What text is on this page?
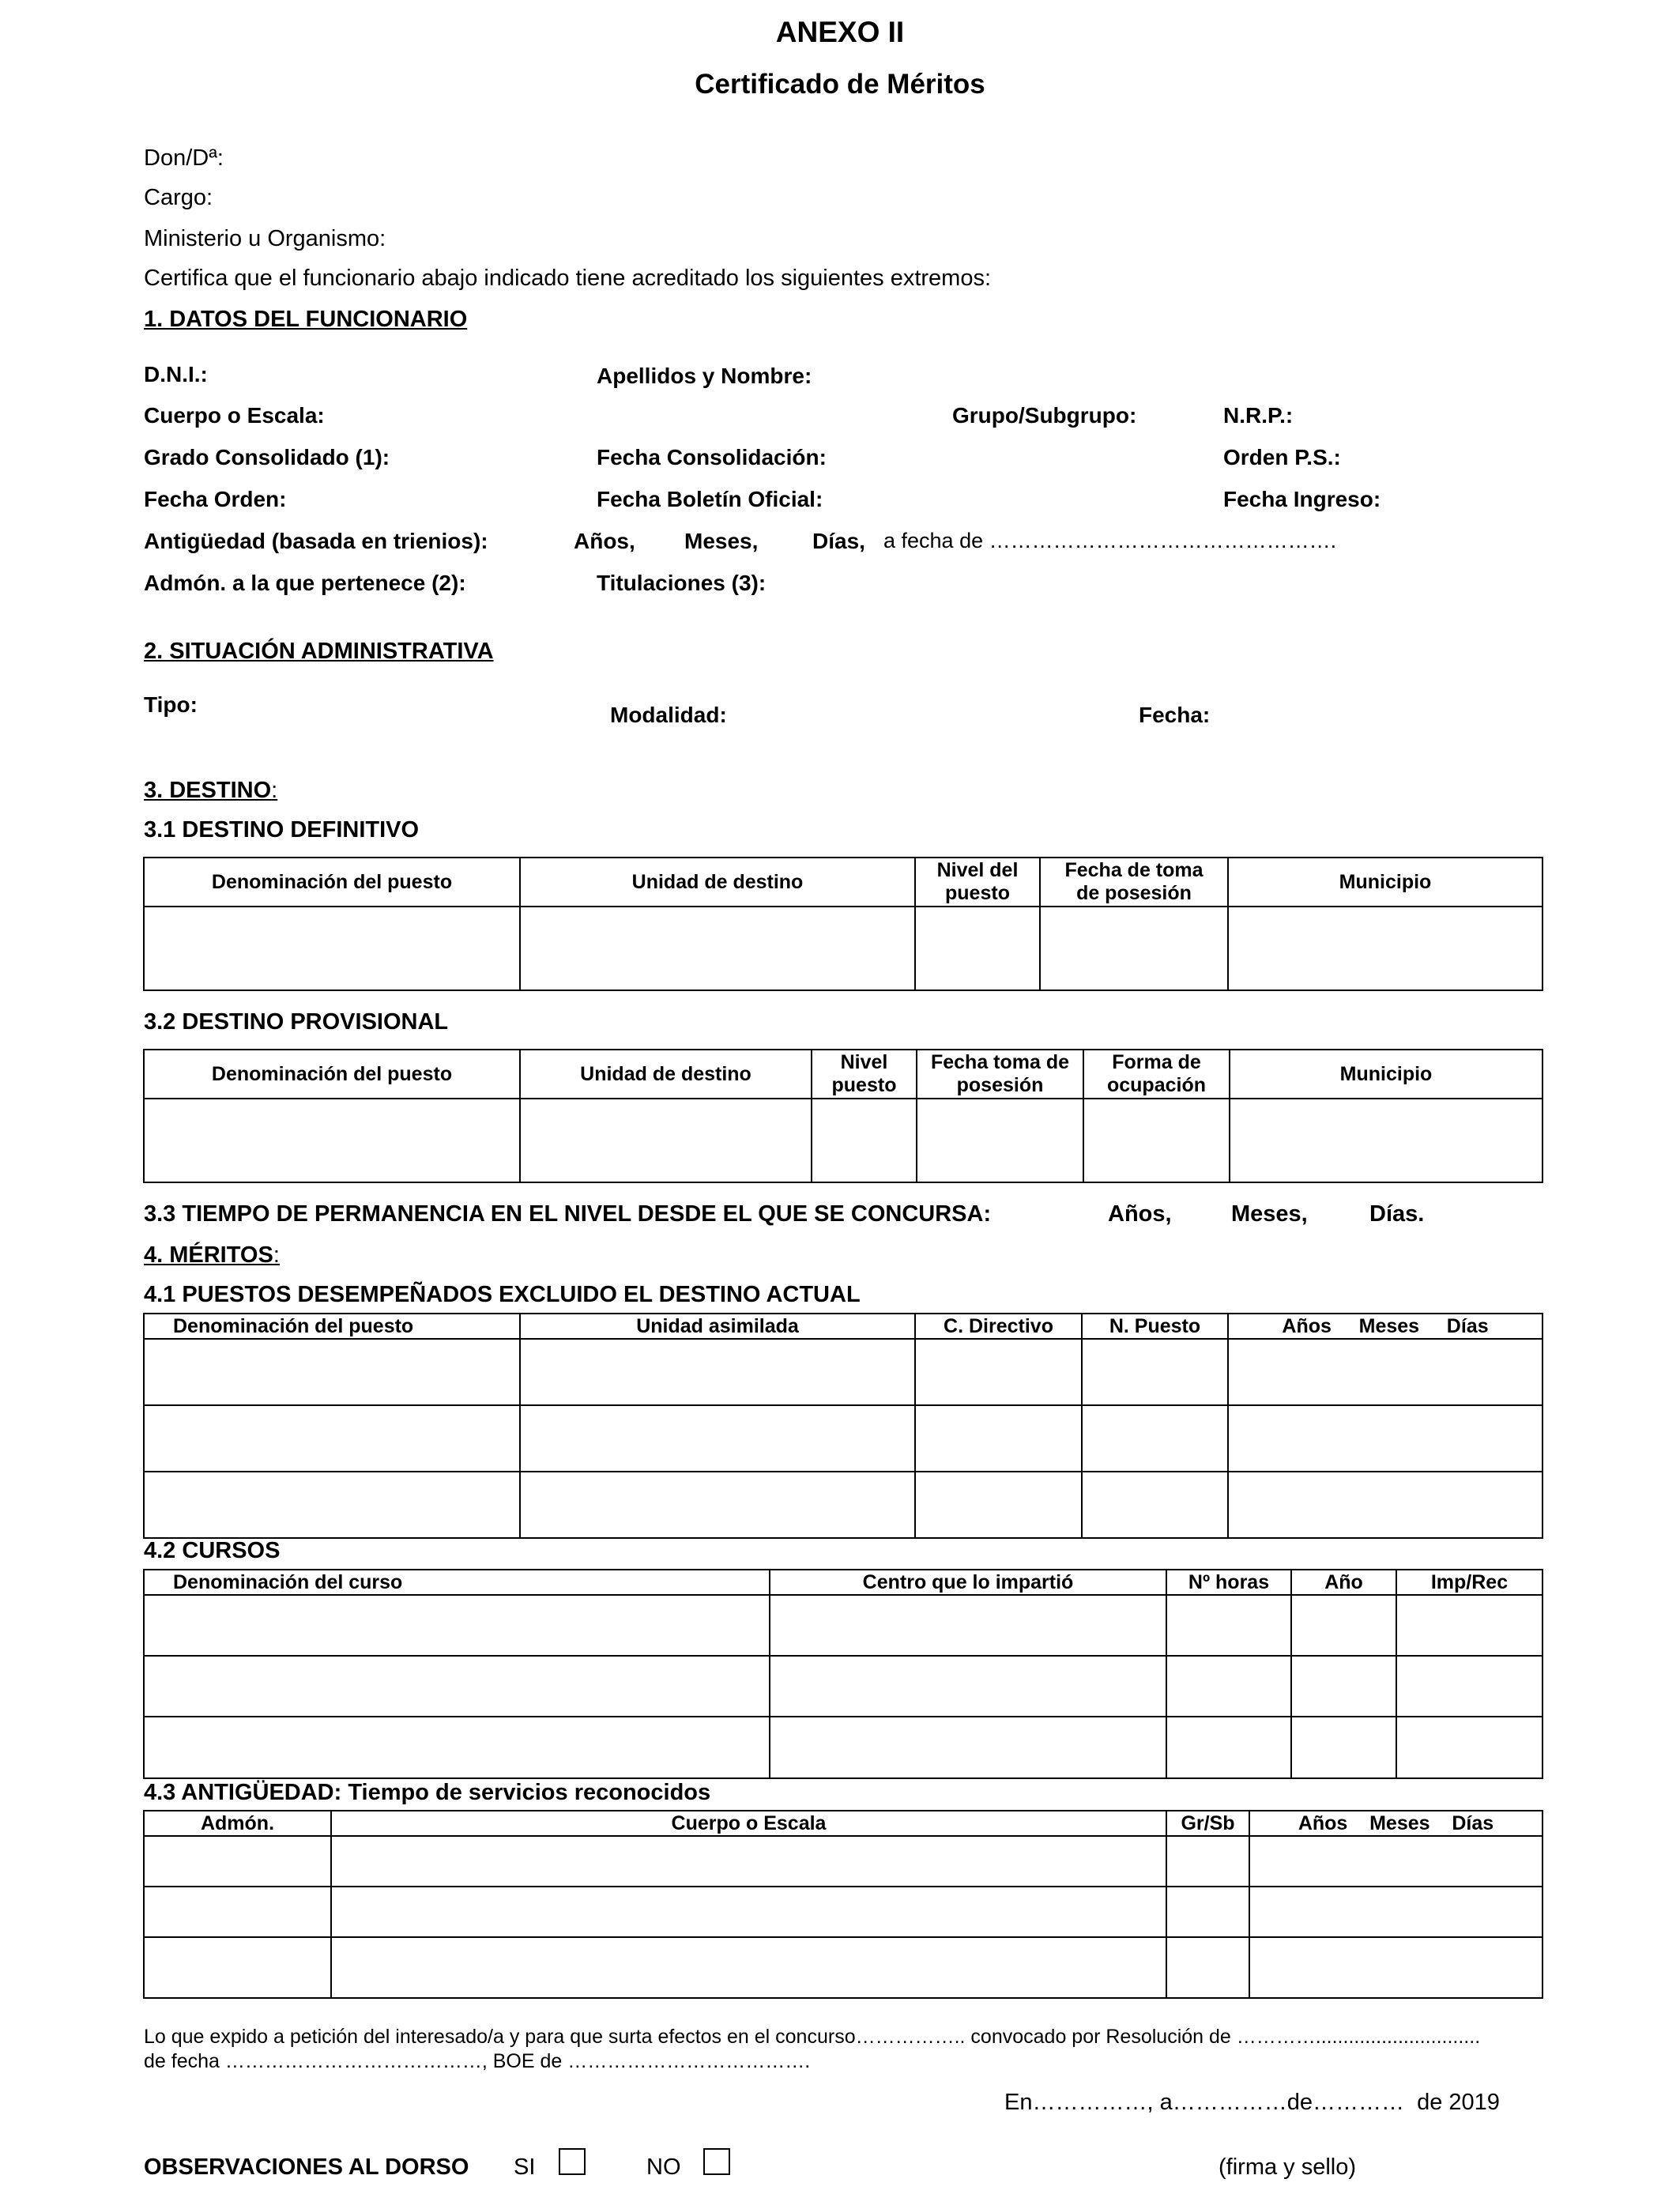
ANEXO II
Certificado de Méritos
Don/Dª:
Cargo:
Ministerio u Organismo:
Certifica que el funcionario abajo indicado tiene acreditado los siguientes extremos:
1. DATOS DEL FUNCIONARIO
D.N.I.:	Apellidos y Nombre:
Cuerpo o Escala:	Grupo/Subgrupo:	N.R.P.:
Grado Consolidado (1):	Fecha Consolidación:	Orden P.S.:
Fecha Orden:	Fecha Boletín Oficial:	Fecha Ingreso:
Antigüedad (basada en trienios):	Años, Meses, Días, a fecha de ………………………………………….
Admón. a la que pertenece (2):	Titulaciones (3):
2. SITUACIÓN ADMINISTRATIVA
Tipo:	Modalidad:	Fecha:
3. DESTINO:
3.1 DESTINO DEFINITIVO
Denominación del puesto	Unidad de destino	Nivel del puesto	Fecha de toma de posesión	Municipio

3.2 DESTINO PROVISIONAL
Denominación del puesto	Unidad de destino	Nivel puesto	Fecha toma de posesión	Forma de ocupación	Municipio

3.3 TIEMPO DE PERMANENCIA EN EL NIVEL DESDE EL QUE SE CONCURSA:	Años,	Meses,	Días.
4. MÉRITOS:
4.1 PUESTOS DESEMPEÑADOS EXCLUIDO EL DESTINO ACTUAL
Denominación del puesto	Unidad asimilada	C. Directivo	N. Puesto	Años     Meses     Días

4.2 CURSOS
Denominación del curso	Centro que lo impartió	Nº horas	Año	Imp/Rec

4.3 ANTIGÜEDAD: Tiempo de servicios reconocidos
Admón.	Cuerpo o Escala	Gr/Sb	Años    Meses    Días

Lo que expido a petición del interesado/a y para que surta efectos en el concurso…………….. convocado por Resolución de …………..............................
de fecha …………………………………, BOE de ……………………………….
En……………, a……………de…………  de 2019
OBSERVACIONES AL DORSO SI	NO	(firma y sello)
